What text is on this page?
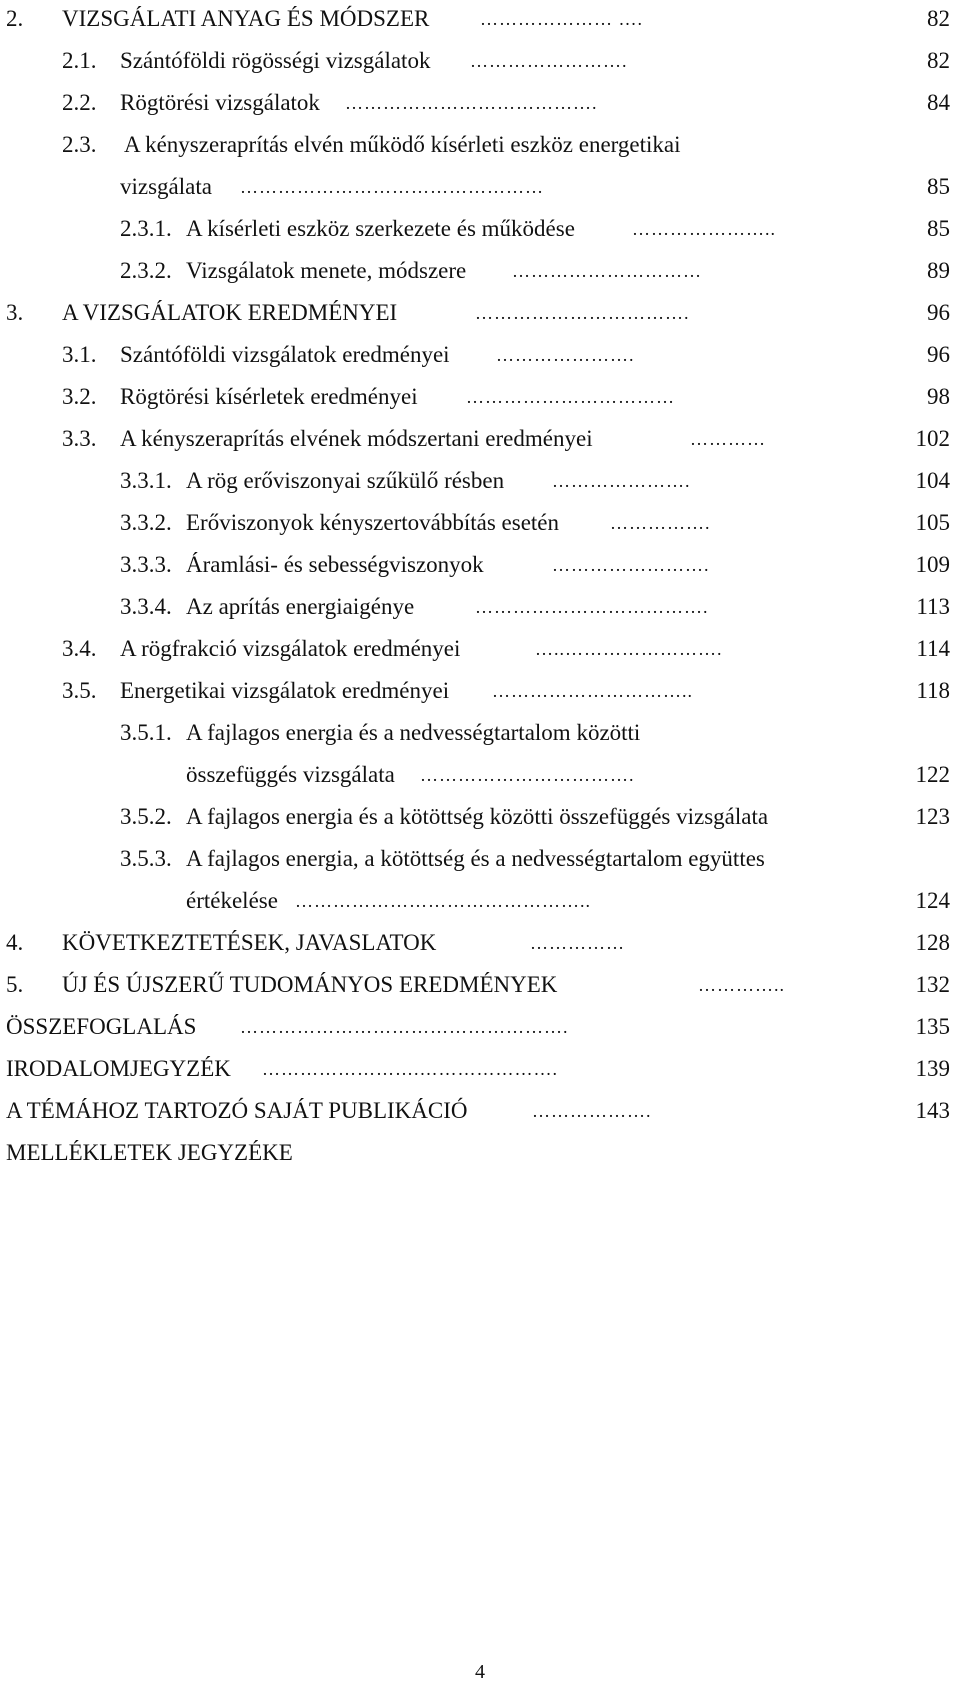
2. VIZSGÁLATI ANYAG ÉS MÓDSZER	………………… ….	82
2.1. Szántóföldi rögösségi vizsgálatok …………………….	82
2.2. Rögtörési vizsgálatok ………………………………….	84
2.3. A kényszeraprítás elvén működő kísérleti eszköz energetikai
vizsgálata …………………………………………	85
2.3.1. A kísérleti eszköz szerkezete és működése	…………………..	85
2.3.2. Vizsgálatok menete, módszere	…………………………	89
3. A VIZSGÁLATOK EREDMÉNYEI	…………………………….	96
3.1. Szántóföldi vizsgálatok eredményei	………………….	96
3.2. Rögtörési kísérletek eredményei	……………………………	98
3.3. A kényszeraprítás elvének módszertani eredményei	…………	102
3.3.1. A rög erőviszonyai szűkülő résben	………………….	104
3.3.2. Erőviszonyok kényszertovábbítás esetén	…………….	105
3.3.3. Áramlási- és sebességviszonyok	…………………….	109
3.3.4. Az aprítás energiaigénye	……………………………….	113
3.4. A rögfrakció vizsgálatok eredményei	…..…………………….	114
3.5. Energetikai vizsgálatok eredményei …………………………..	118
3.5.1. A fajlagos energia és a nedvességtartalom közötti
összefüggés vizsgálata …………………………….	122
3.5.2. A fajlagos energia és a kötöttség közötti összefüggés vizsgálata	123
3.5.3. A fajlagos energia, a kötöttség és a nedvességtartalom együttes
értékelése ………………………………………..	124
4. KÖVETKEZTETÉSEK, JAVASLATOK	……………	128
5. ÚJ ÉS ÚJSZERŰ TUDOMÁNYOS EREDMÉNYEK	…………..	132
ÖSSZEFOGLALÁS …………………………………………….	135
IRODALOMJEGYZÉK …………………….………………….	139
A TÉMÁHOZ TARTOZÓ SAJÁT PUBLIKÁCIÓ	……………….	143
MELLÉKLETEK JEGYZÉKE
4
